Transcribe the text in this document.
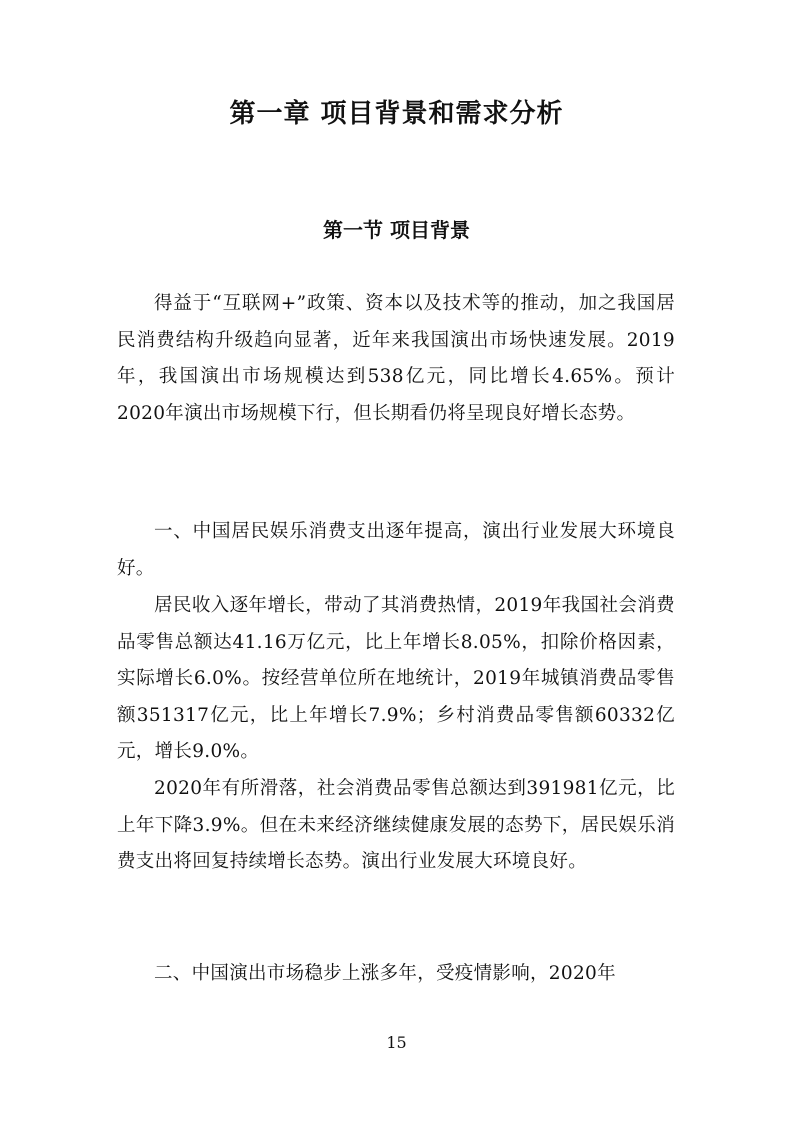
第一章 项目背景和需求分析
第一节 项目背景

得益于“互联网+”政策、资本以及技术等的推动，加之我国居民消费结构升级趋向显著，近年来我国演出市场快速发展。2019年，我国演出市场规模达到538亿元，同比增长4.65%。预计2020年演出市场规模下行，但长期看仍将呈现良好增长态势。

一、中国居民娱乐消费支出逐年提高，演出行业发展大环境良好。

居民收入逐年增长，带动了其消费热情，2019年我国社会消费品零售总额达41.16万亿元，比上年增长8.05%，扣除价格因素，实际增长6.0%。按经营单位所在地统计，2019年城镇消费品零售额351317亿元，比上年增长7.9%；乡村消费品零售额60332亿元，增长9.0%。

2020年有所滑落，社会消费品零售总额达到391981亿元，比上年下降3.9%。但在未来经济继续健康发展的态势下，居民娱乐消费支出将回复持续增长态势。演出行业发展大环境良好。

二、中国演出市场稳步上涨多年，受疫情影响，2020年

15
